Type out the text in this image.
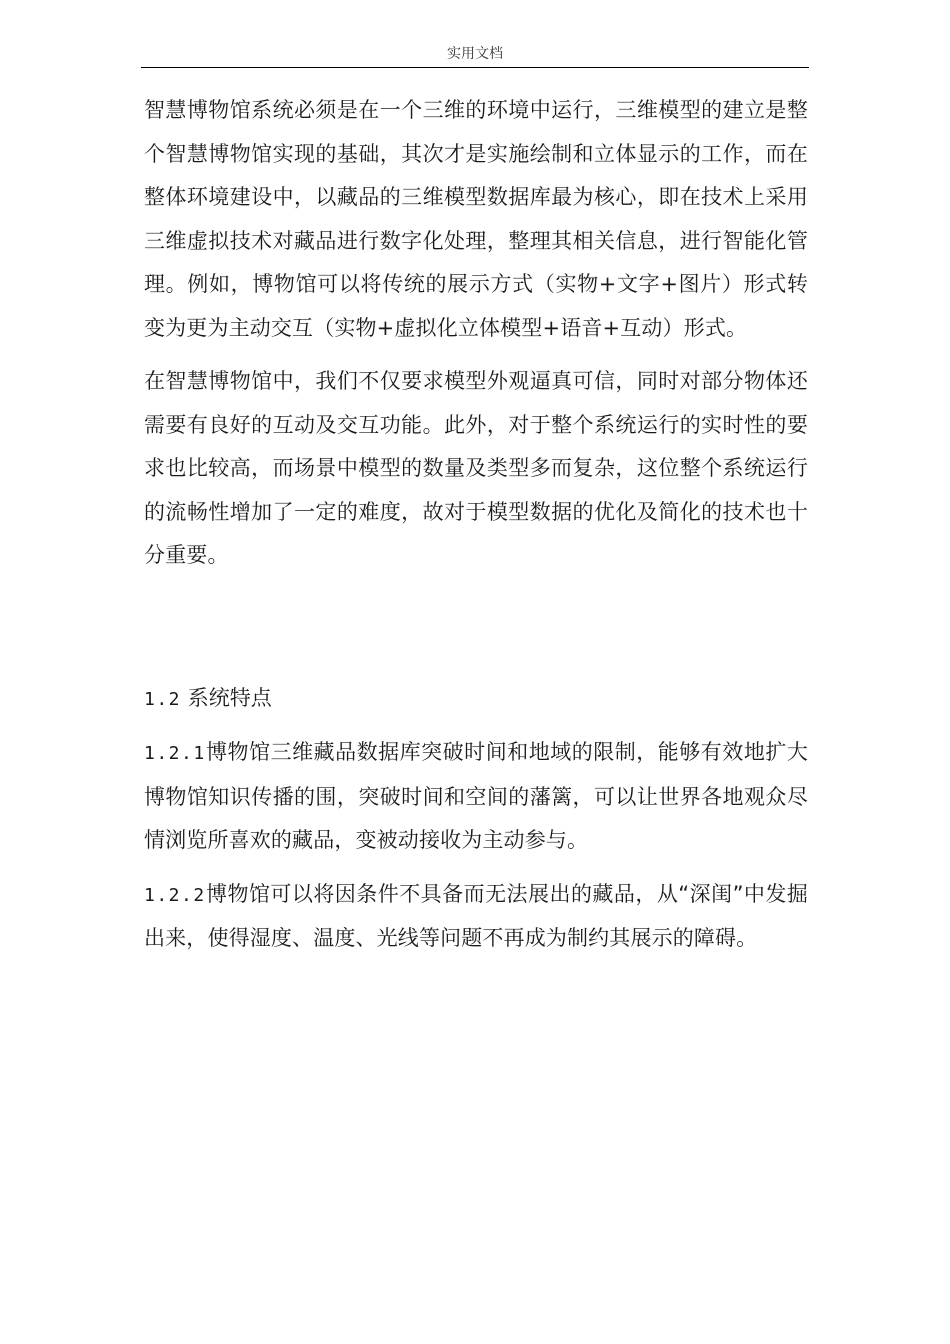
实用文档

智慧博物馆系统必须是在一个三维的环境中运行，三维模型的建立是整个智慧博物馆实现的基础，其次才是实施绘制和立体显示的工作，而在整体环境建设中，以藏品的三维模型数据库最为核心，即在技术上采用三维虚拟技术对藏品进行数字化处理，整理其相关信息，进行智能化管理。例如，博物馆可以将传统的展示方式（实物+文字+图片）形式转变为更为主动交互（实物+虚拟化立体模型+语音+互动）形式。

在智慧博物馆中，我们不仅要求模型外观逼真可信，同时对部分物体还需要有良好的互动及交互功能。此外，对于整个系统运行的实时性的要求也比较高，而场景中模型的数量及类型多而复杂，这位整个系统运行的流畅性增加了一定的难度，故对于模型数据的优化及简化的技术也十分重要。

1.2 系统特点

1.2.1博物馆三维藏品数据库突破时间和地域的限制，能够有效地扩大博物馆知识传播的围，突破时间和空间的藩篱，可以让世界各地观众尽情浏览所喜欢的藏品，变被动接收为主动参与。

1.2.2博物馆可以将因条件不具备而无法展出的藏品，从“深闺”中发掘出来，使得湿度、温度、光线等问题不再成为制约其展示的障碍。
